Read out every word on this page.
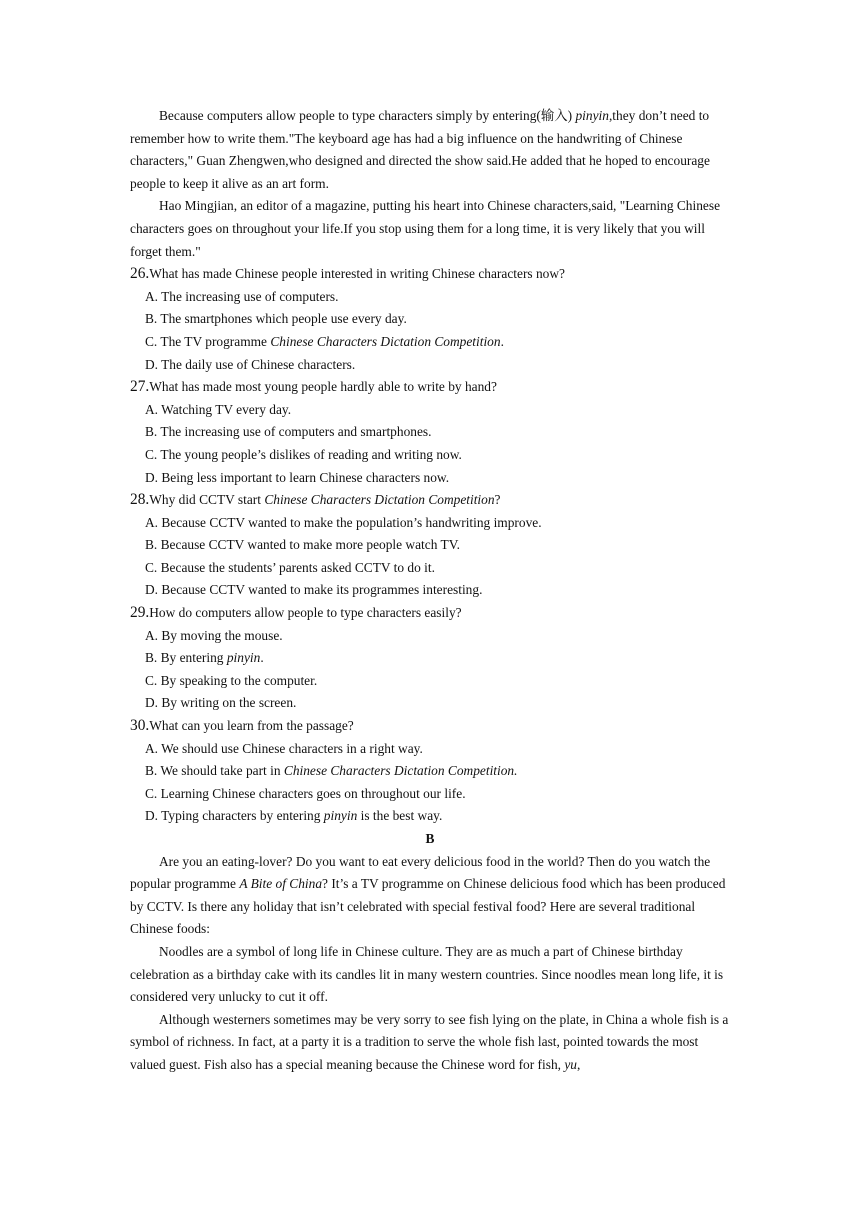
Because computers allow people to type characters simply by entering(输入) pinyin,they don’t need to remember how to write them."The keyboard age has had a big influence on the handwriting of Chinese characters," Guan Zhengwen,who designed and directed the show said.He added that he hoped to encourage people to keep it alive as an art form.

Hao Mingjian, an editor of a magazine, putting his heart into Chinese characters,said, "Learning Chinese characters goes on throughout your life.If you stop using them for a long time, it is very likely that you will forget them."

26.What has made Chinese people interested in writing Chinese characters now?

A. The increasing use of computers.

B. The smartphones which people use every day.

C. The TV programme Chinese Characters Dictation Competition.

D. The daily use of Chinese characters.

27.What has made most young people hardly able to write by hand?

A. Watching TV every day.

B. The increasing use of computers and smartphones.

C. The young people’s dislikes of reading and writing now.

D. Being less important to learn Chinese characters now.

28.Why did CCTV start Chinese Characters Dictation Competition?

A. Because CCTV wanted to make the population’s handwriting improve.

B. Because CCTV wanted to make more people watch TV.

C. Because the students’ parents asked CCTV to do it.

D. Because CCTV wanted to make its programmes interesting.

29.How do computers allow people to type characters easily?

A. By moving the mouse.

B. By entering pinyin.

C. By speaking to the computer.

D. By writing on the screen.

30.What can you learn from the passage?

A. We should use Chinese characters in a right way.

B. We should take part in Chinese Characters Dictation Competition.

C. Learning Chinese characters goes on throughout our life.

D. Typing characters by entering pinyin is the best way.

B

Are you an eating-lover? Do you want to eat every delicious food in the world? Then do you watch the popular programme A Bite of China? It’s a TV programme on Chinese delicious food which has been produced by CCTV. Is there any holiday that isn’t celebrated with special festival food? Here are several traditional Chinese foods:

Noodles are a symbol of long life in Chinese culture. They are as much a part of Chinese birthday celebration as a birthday cake with its candles lit in many western countries. Since noodles mean long life, it is considered very unlucky to cut it off.

Although westerners sometimes may be very sorry to see fish lying on the plate, in China a whole fish is a symbol of richness. In fact, at a party it is a tradition to serve the whole fish last, pointed towards the most valued guest. Fish also has a special meaning because the Chinese word for fish, yu,
